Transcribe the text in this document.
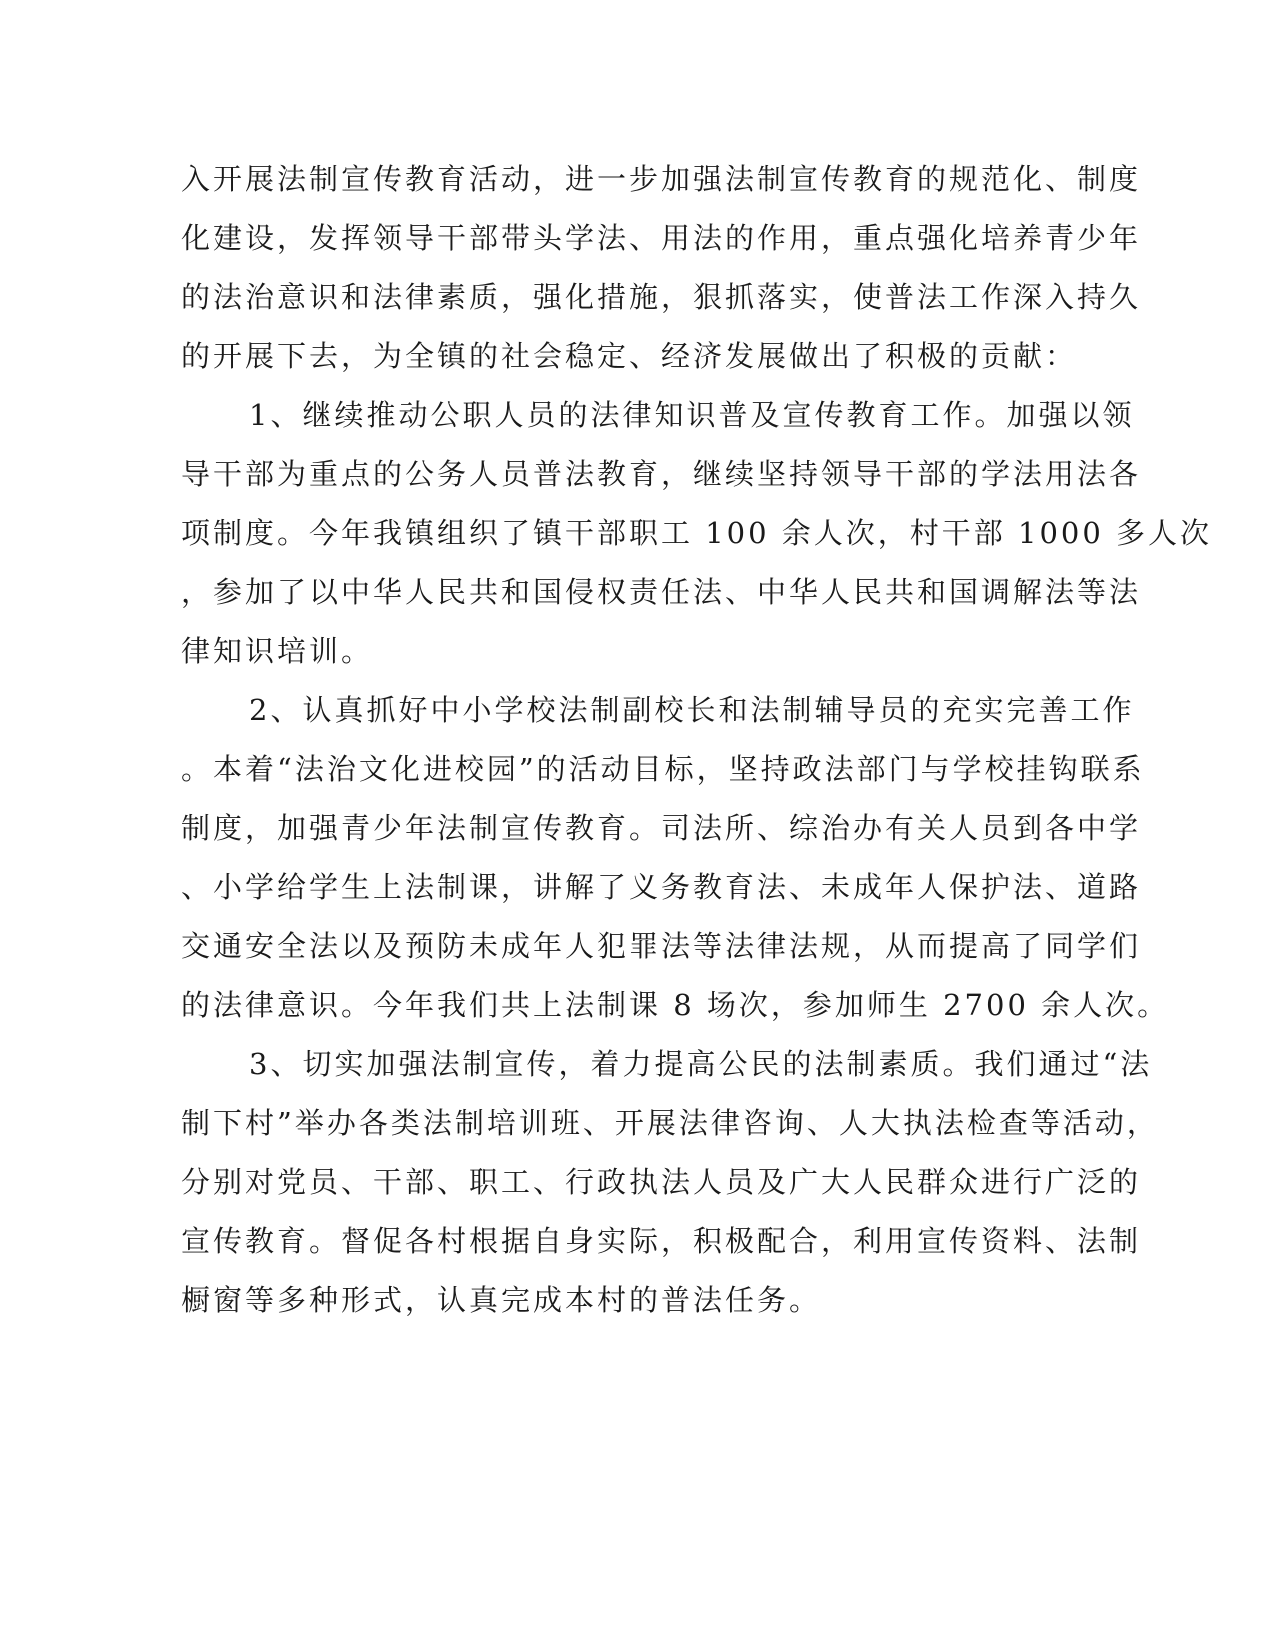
入开展法制宣传教育活动，进一步加强法制宣传教育的规范化、制度
化建设，发挥领导干部带头学法、用法的作用，重点强化培养青少年
的法治意识和法律素质，强化措施，狠抓落实，使普法工作深入持久
的开展下去，为全镇的社会稳定、经济发展做出了积极的贡献：

1、继续推动公职人员的法律知识普及宣传教育工作。加强以领
导干部为重点的公务人员普法教育，继续坚持领导干部的学法用法各
项制度。今年我镇组织了镇干部职工 100 余人次，村干部 1000 多人次
，参加了以中华人民共和国侵权责任法、中华人民共和国调解法等法
律知识培训。

2、认真抓好中小学校法制副校长和法制辅导员的充实完善工作
。本着“法治文化进校园”的活动目标，坚持政法部门与学校挂钩联系
制度，加强青少年法制宣传教育。司法所、综治办有关人员到各中学
、小学给学生上法制课，讲解了义务教育法、未成年人保护法、道路
交通安全法以及预防未成年人犯罪法等法律法规，从而提高了同学们
的法律意识。今年我们共上法制课 8 场次，参加师生 2700 余人次。

3、切实加强法制宣传，着力提高公民的法制素质。我们通过“法
制下村”举办各类法制培训班、开展法律咨询、人大执法检查等活动，
分别对党员、干部、职工、行政执法人员及广大人民群众进行广泛的
宣传教育。督促各村根据自身实际，积极配合，利用宣传资料、法制
橱窗等多种形式，认真完成本村的普法任务。
